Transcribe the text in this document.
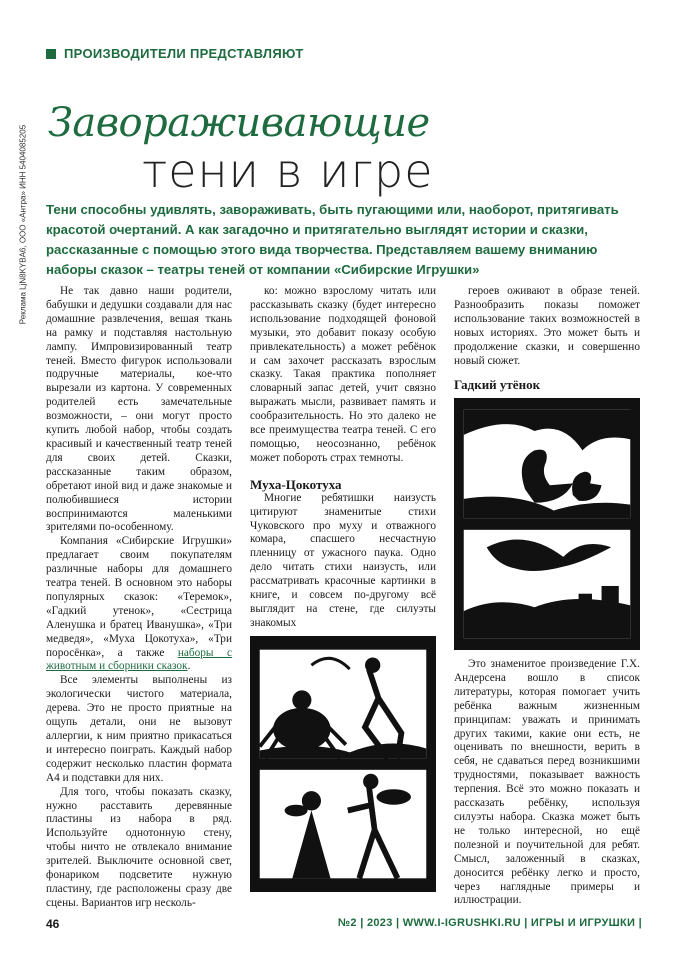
ПРОИЗВОДИТЕЛИ ПРЕДСТАВЛЯЮТ
Реклама LjN8KYBA6, ООО «Антра» ИНН 5404085205
Завораживающие
тени в игре
Тени способны удивлять, завораживать, быть пугающими или, наоборот, притягивать красотой очертаний. А как загадочно и притягательно выглядят истории и сказки, рассказанные с помощью этого вида творчества. Представляем вашему вниманию наборы сказок – театры теней от компании «Сибирские Игрушки»

Не так давно наши родители, бабушки и дедушки создавали для нас домашние развлечения, вешая ткань на рамку и подставляя настольную лампу. Импровизированный театр теней. Вместо фигурок использовали подручные материалы, кое-что вырезали из картона. У современных родителей есть замечательные возможности, – они могут просто купить любой набор, чтобы создать красивый и качественный театр теней для своих детей. Сказки, рассказанные таким образом, обретают иной вид и даже знакомые и полюбившиеся истории воспринимаются маленькими зрителями по-особенному.

Компания «Сибирские Игрушки» предлагает своим покупателям различные наборы для домашнего театра теней. В основном это наборы популярных сказок: «Теремок», «Гадкий утенок», «Сестрица Аленушка и братец Иванушка», «Три медведя», «Муха Цокотуха», «Три поросёнка», а также наборы с животным и сборники сказок.

Все элементы выполнены из экологически чистого материала, дерева. Это не просто приятные на ощупь детали, они не вызовут аллергии, к ним приятно прикасаться и интересно поиграть. Каждый набор содержит несколько пластин формата А4 и подставки для них.

Для того, чтобы показать сказку, нужно расставить деревянные пластины из набора в ряд. Используйте однотонную стену, чтобы ничто не отвлекало внимание зрителей. Выключите основной свет, фонариком подсветите нужную пластину, где расположены сразу две сцены. Вариантов игр несколь-

ко: можно взрослому читать или рассказывать сказку (будет интересно использование подходящей фоновой музыки, это добавит показу особую привлекательность) а может ребёнок и сам захочет рассказать взрослым сказку. Такая практика пополняет словарный запас детей, учит связно выражать мысли, развивает память и сообразительность. Но это далеко не все преимущества театра теней. С его помощью, неосознанно, ребёнок может побороть страх темноты.

Муха-Цокотуха

Многие ребятишки наизусть цитируют знаменитые стихи Чуковского про муху и отважного комара, спасшего несчастную пленницу от ужасного паука. Одно дело читать стихи наизусть, или рассматривать красочные картинки в книге, и совсем по-другому всё выглядит на стене, где силуэты знакомых

героев оживают в образе теней. Разнообразить показы поможет использование таких возможностей в новых историях. Это может быть и продолжение сказки, и совершенно новый сюжет.

Гадкий утёнок

Это знаменитое произведение Г.Х. Андерсена вошло в список литературы, которая помогает учить ребёнка важным жизненным принципам: уважать и принимать других такими, какие они есть, не оценивать по внешности, верить в себя, не сдаваться перед возникшими трудностями, показывает важность терпения. Всё это можно показать и рассказать ребёнку, используя силуэты набора. Сказка может быть не только интересной, но ещё полезной и поучительной для ребят. Смысл, заложенный в сказках, доносится ребёнку легко и просто, через наглядные примеры и иллюстрации.

46	№2 | 2023 | WWW.I-IGRUSHKI.RU | ИГРЫ И ИГРУШКИ |
